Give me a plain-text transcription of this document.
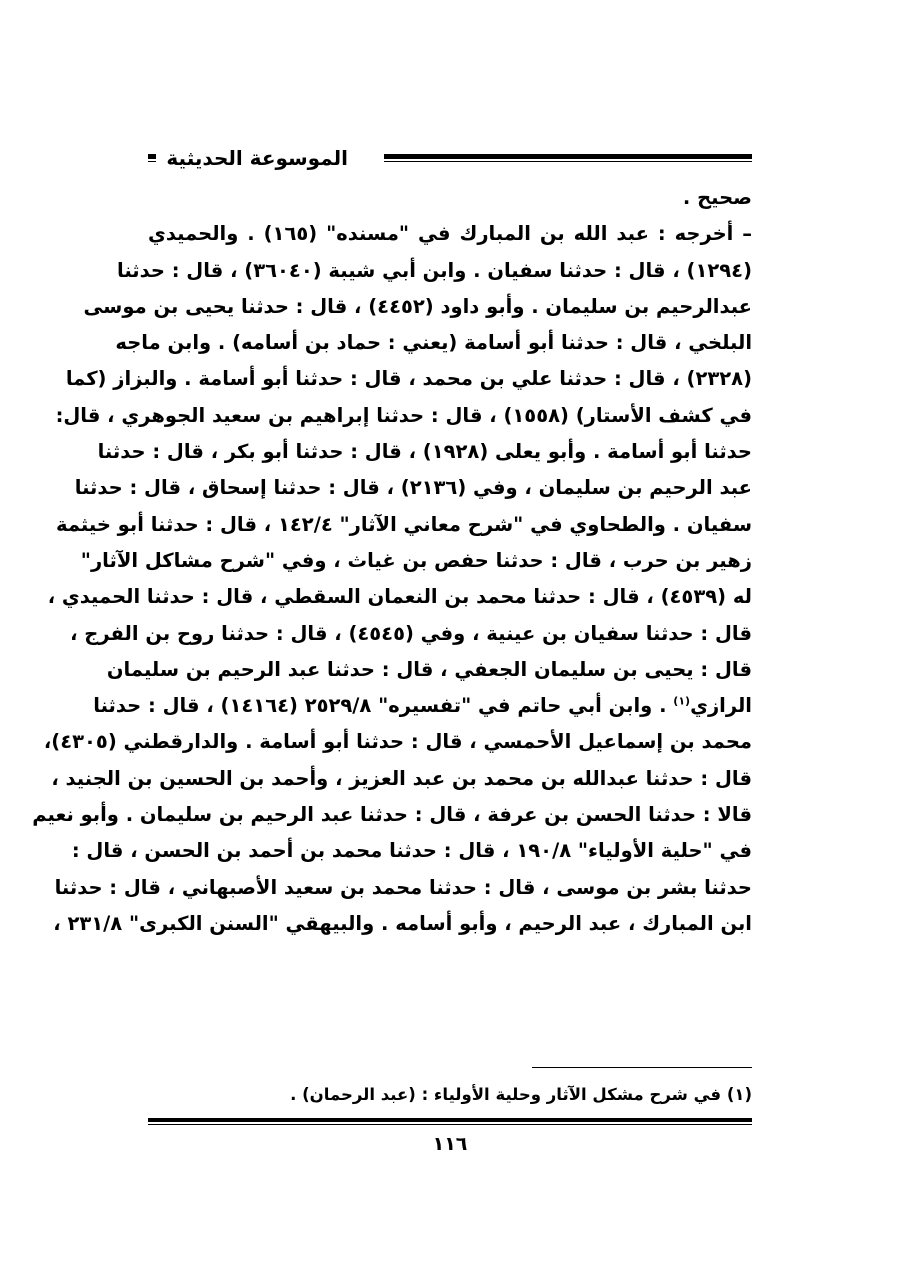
الموسوعة الحديثية
صحيح .
– أخرجه : عبد الله بن المبارك في "مسنده" (١٦٥) . والحميدي
(١٢٩٤) ، قال : حدثنا سفيان . وابن أبي شيبة (٣٦٠٤٠) ، قال : حدثنا
عبدالرحيم بن سليمان . وأبو داود (٤٤٥٢) ، قال : حدثنا يحيى بن موسى
البلخي ، قال : حدثنا أبو أسامة (يعني : حماد بن أسامه) . وابن ماجه
(٢٣٢٨) ، قال : حدثنا علي بن محمد ، قال : حدثنا أبو أسامة . والبزاز (كما
في كشف الأستار) (١٥٥٨) ، قال : حدثنا إبراهيم بن سعيد الجوهري ، قال:
حدثنا أبو أسامة . وأبو يعلى (١٩٢٨) ، قال : حدثنا أبو بكر ، قال : حدثنا
عبد الرحيم بن سليمان ، وفي (٢١٣٦) ، قال : حدثنا إسحاق ، قال : حدثنا
سفيان . والطحاوي في "شرح معاني الآثار" ١٤٢/٤ ، قال : حدثنا أبو خيثمة
زهير بن حرب ، قال : حدثنا حفص بن غياث ، وفي "شرح مشاكل الآثار"
له (٤٥٣٩) ، قال : حدثنا محمد بن النعمان السقطي ، قال : حدثنا الحميدي ،
قال : حدثنا سفيان بن عينية ، وفي (٤٥٤٥) ، قال : حدثنا روح بن الفرج ،
قال : يحيى بن سليمان الجعفي ، قال : حدثنا عبد الرحيم بن سليمان
الرازي$^{(١)}$ . وابن أبي حاتم في "تفسيره" ٢٥٢٩/٨ (١٤١٦٤) ، قال : حدثنا
محمد بن إسماعيل الأحمسي ، قال : حدثنا أبو أسامة . والدارقطني (٤٣٠٥)،
قال : حدثنا عبدالله بن محمد بن عبد العزيز ، وأحمد بن الحسين بن الجنيد ،
قالا : حدثنا الحسن بن عرفة ، قال : حدثنا عبد الرحيم بن سليمان . وأبو نعيم
في "حلية الأولياء" ١٩٠/٨ ، قال : حدثنا محمد بن أحمد بن الحسن ، قال :
حدثنا بشر بن موسى ، قال : حدثنا محمد بن سعيد الأصبهاني ، قال : حدثنا
ابن المبارك ، عبد الرحيم ، وأبو أسامه . والبيهقي "السنن الكبرى" ٢٣١/٨ ،
(١) في شرح مشكل الآثار وحلية الأولياء : (عبد الرحمان) .
١١٦
